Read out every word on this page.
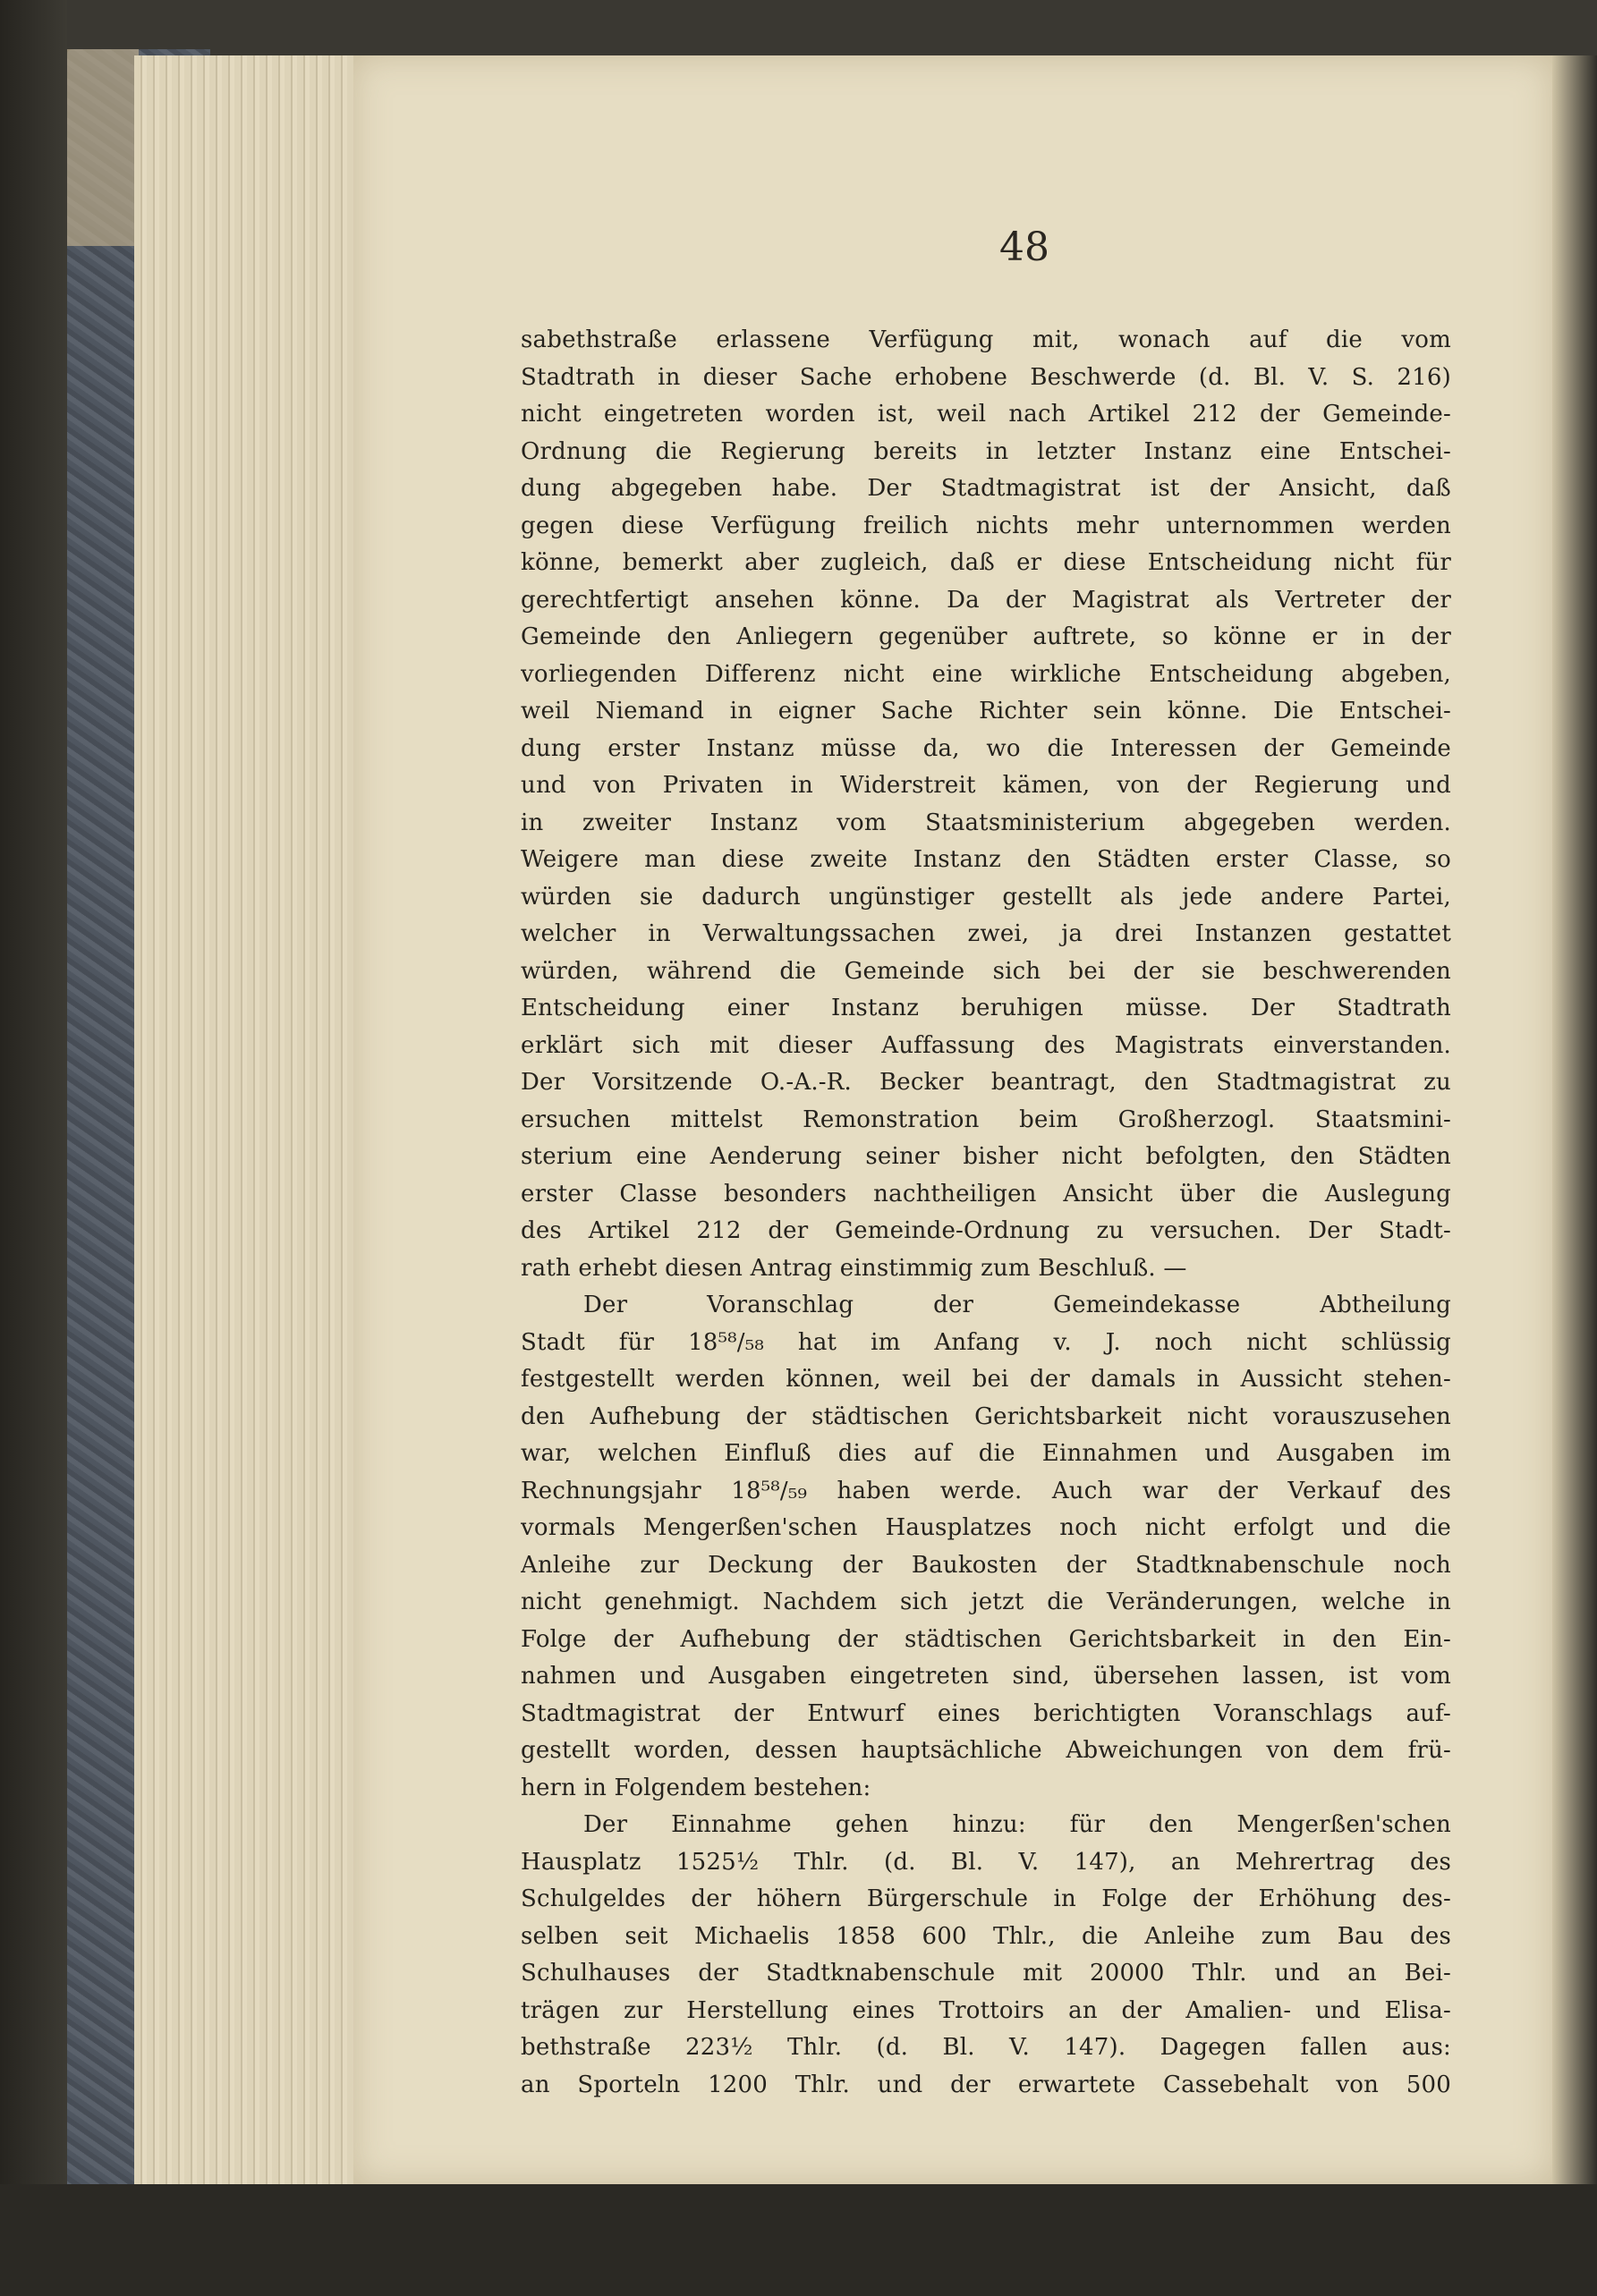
48
sabethstraße erlassene Verfügung mit, wonach auf die vom
Stadtrath in dieser Sache erhobene Beschwerde (d. Bl. V. S. 216)
nicht eingetreten worden ist, weil nach Artikel 212 der Gemeinde-
Ordnung die Regierung bereits in letzter Instanz eine Entschei-
dung abgegeben habe. Der Stadtmagistrat ist der Ansicht, daß
gegen diese Verfügung freilich nichts mehr unternommen werden
könne, bemerkt aber zugleich, daß er diese Entscheidung nicht für
gerechtfertigt ansehen könne. Da der Magistrat als Vertreter der
Gemeinde den Anliegern gegenüber auftrete, so könne er in der
vorliegenden Differenz nicht eine wirkliche Entscheidung abgeben,
weil Niemand in eigner Sache Richter sein könne. Die Entschei-
dung erster Instanz müsse da, wo die Interessen der Gemeinde
und von Privaten in Widerstreit kämen, von der Regierung und
in zweiter Instanz vom Staatsministerium abgegeben werden.
Weigere man diese zweite Instanz den Städten erster Classe, so
würden sie dadurch ungünstiger gestellt als jede andere Partei,
welcher in Verwaltungssachen zwei, ja drei Instanzen gestattet
würden, während die Gemeinde sich bei der sie beschwerenden
Entscheidung einer Instanz beruhigen müsse. Der Stadtrath
erklärt sich mit dieser Auffassung des Magistrats einverstanden.
Der Vorsitzende O.-A.-R. Becker beantragt, den Stadtmagistrat zu
ersuchen mittelst Remonstration beim Großherzogl. Staatsmini-
sterium eine Aenderung seiner bisher nicht befolgten, den Städten
erster Classe besonders nachtheiligen Ansicht über die Auslegung
des Artikel 212 der Gemeinde-Ordnung zu versuchen. Der Stadt-
rath erhebt diesen Antrag einstimmig zum Beschluß. —
Der Voranschlag der Gemeindekasse Abtheilung
Stadt für 18⁵⁸/₅₈ hat im Anfang v. J. noch nicht schlüssig
festgestellt werden können, weil bei der damals in Aussicht stehen-
den Aufhebung der städtischen Gerichtsbarkeit nicht vorauszusehen
war, welchen Einfluß dies auf die Einnahmen und Ausgaben im
Rechnungsjahr 18⁵⁸/₅₉ haben werde. Auch war der Verkauf des
vormals Mengerßen'schen Hausplatzes noch nicht erfolgt und die
Anleihe zur Deckung der Baukosten der Stadtknabenschule noch
nicht genehmigt. Nachdem sich jetzt die Veränderungen, welche in
Folge der Aufhebung der städtischen Gerichtsbarkeit in den Ein-
nahmen und Ausgaben eingetreten sind, übersehen lassen, ist vom
Stadtmagistrat der Entwurf eines berichtigten Voranschlags auf-
gestellt worden, dessen hauptsächliche Abweichungen von dem frü-
hern in Folgendem bestehen:
Der Einnahme gehen hinzu: für den Mengerßen'schen
Hausplatz 1525½ Thlr. (d. Bl. V. 147), an Mehrertrag des
Schulgeldes der höhern Bürgerschule in Folge der Erhöhung des-
selben seit Michaelis 1858 600 Thlr., die Anleihe zum Bau des
Schulhauses der Stadtknabenschule mit 20000 Thlr. und an Bei-
trägen zur Herstellung eines Trottoirs an der Amalien- und Elisa-
bethstraße 223½ Thlr. (d. Bl. V. 147). Dagegen fallen aus:
an Sporteln 1200 Thlr. und der erwartete Cassebehalt von 500
